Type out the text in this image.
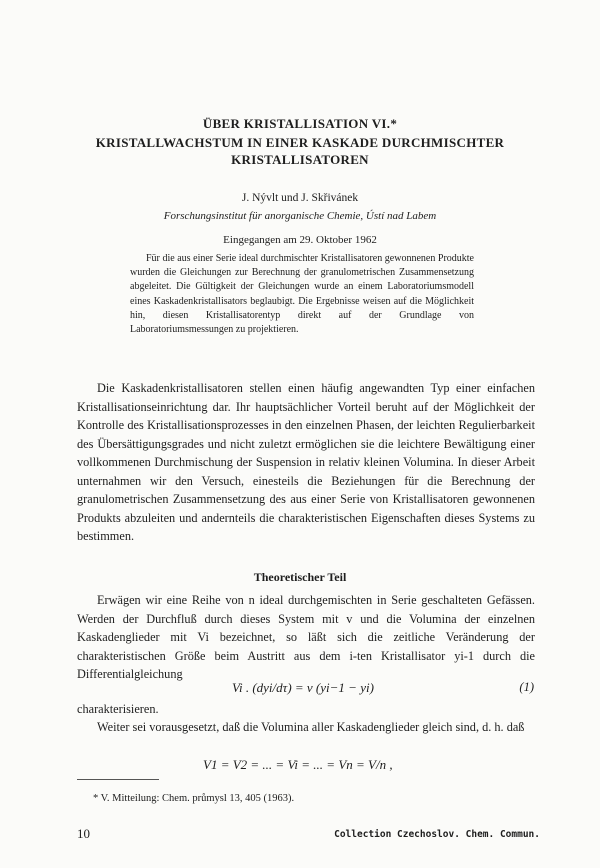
ÜBER KRISTALLISATION VI.*
KRISTALLWACHSTUM IN EINER KASKADE DURCHMISCHTER
KRISTALLISATOREN
J. Nývlt und J. Skřivánek
Forschungsinstitut für anorganische Chemie, Ústí nad Labem
Eingegangen am 29. Oktober 1962

Für die aus einer Serie ideal durchmischter Kristallisatoren gewonnenen Produkte wurden die Gleichungen zur Berechnung der granulometrischen Zusammensetzung abgeleitet. Die Gültigkeit der Gleichungen wurde an einem Laboratoriumsmodell eines Kaskadenkristallisators beglaubigt. Die Ergebnisse weisen auf die Möglichkeit hin, diesen Kristallisatorentyp direkt auf der Grundlage von Laboratoriumsmessungen zu projektieren.

Die Kaskadenkristallisatoren stellen einen häufig angewandten Typ einer einfachen Kristallisationseinrichtung dar. Ihr hauptsächlicher Vorteil beruht auf der Möglichkeit der Kontrolle des Kristallisationsprozesses in den einzelnen Phasen, der leichten Regulierbarkeit des Übersättigungsgrades und nicht zuletzt ermöglichen sie die leichtere Bewältigung einer vollkommenen Durchmischung der Suspension in relativ kleinen Volumina. In dieser Arbeit unternahmen wir den Versuch, einesteils die Beziehungen für die Berechnung der granulometrischen Zusammensetzung des aus einer Serie von Kristallisatoren gewonnenen Produkts abzuleiten und andernteils die charakteristischen Eigenschaften dieses Systems zu bestimmen.

Theoretischer Teil

Erwägen wir eine Reihe von n ideal durchgemischten in Serie geschalteten Gefässen. Werden der Durchfluß durch dieses System mit v und die Volumina der einzelnen Kaskadenglieder mit Vi bezeichnet, so läßt sich die zeitliche Veränderung der charakteristischen Größe beim Austritt aus dem i-ten Kristallisator yi-1 durch die Differentialgleichung

Vi . (dyi/dτ) = v (yi−1 − yi)	(1)

charakterisieren.

Weiter sei vorausgesetzt, daß die Volumina aller Kaskadenglieder gleich sind, d. h. daß

V1 = V2 = ... = Vi = ... = Vn = V/n ,
* V. Mitteilung: Chem. průmysl 13, 405 (1963).
10	Collection Czechoslov. Chem. Commun.
